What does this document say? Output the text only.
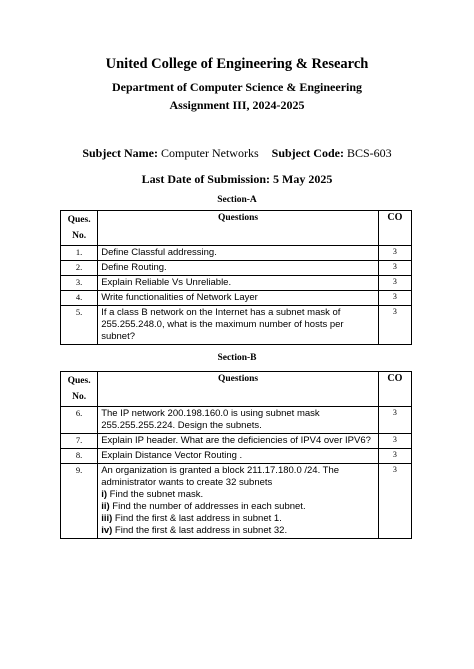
United College of Engineering & Research
Department of Computer Science & Engineering
Assignment III, 2024-2025
Subject Name: Computer Networks Subject Code: BCS-603
Last Date of Submission: 5 May 2025
Section-A
Ques.
No.	Questions	CO
1.	Define Classful addressing.	3
2.	Define Routing.	3
3.	Explain Reliable Vs Unreliable.	3
4.	Write functionalities of Network Layer	3
5.	If a class B network on the Internet has a subnet mask of 255.255.248.0, what is the maximum number of hosts per subnet?	3
Section-B
Ques.
No.	Questions	CO
6.	The IP network 200.198.160.0 is using subnet mask 255.255.255.224. Design the subnets.	3
7.	Explain IP header. What are the deficiencies of IPV4 over IPV6?	3
8.	Explain Distance Vector Routing .	3
9.	An organization is granted a block 211.17.180.0 /24. The administrator wants to create 32 subnets
i) Find the subnet mask.
ii) Find the number of addresses in each subnet.
iii) Find the first & last address in subnet 1.
iv) Find the first & last address in subnet 32.	3
